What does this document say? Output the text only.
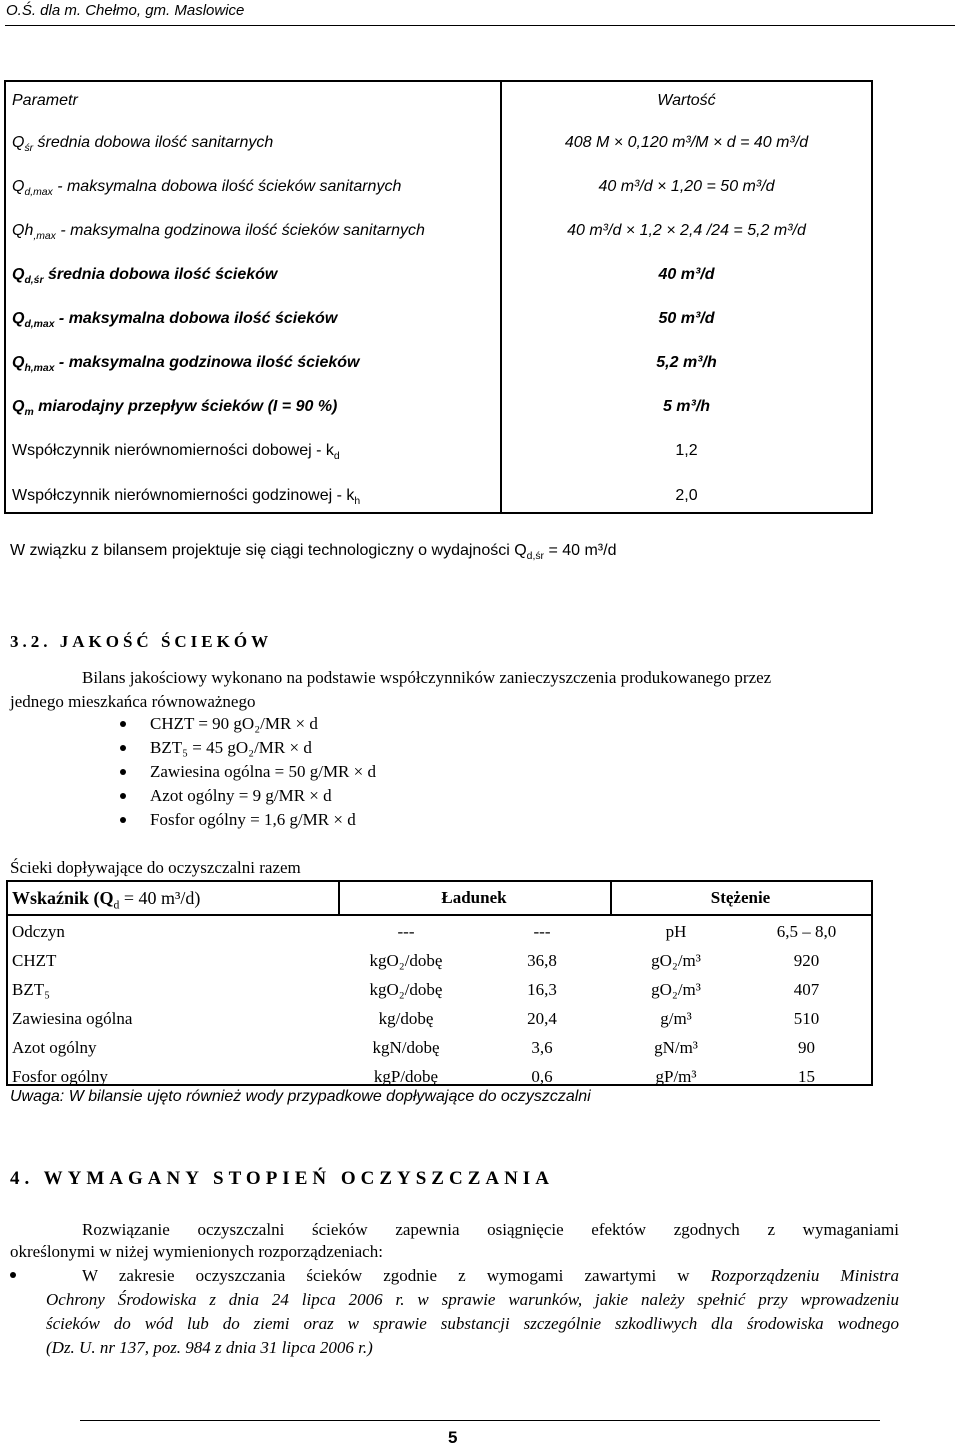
O.Ś. dla m. Chełmo, gm. Maslowice
Parametr	Wartość
$Q_{śr}$ średnia dobowa ilość sanitarnych	408 M × 0,120 m³/M × d = 40 m³/d
$Q_{d,max}$ - maksymalna dobowa ilość ścieków sanitarnych	40 m³/d × 1,20 = 50 m³/d
$Qh_{,max}$ - maksymalna godzinowa ilość ścieków sanitarnych	40 m³/d × 1,2 × 2,4 /24 = 5,2 m³/d
$Q_{d,śr}$ średnia dobowa ilość ścieków	40 m³/d
$Q_{d,max}$ - maksymalna dobowa ilość ścieków	50 m³/d
$Q_{h,max}$ - maksymalna godzinowa ilość ścieków	5,2 m³/h
$Q_m$ miarodajny przepływ ścieków (I = 90 %)	5 m³/h
Współczynnik nierównomierności dobowej - $k_d$	1,2
Współczynnik nierównomierności godzinowej - $k_h$	2,0
W związku z bilansem projektuje się ciągi technologiczny o wydajności $Q_{d,śr} = 40$ m³/d
3.2. JAKOŚĆ ŚCIEKÓW
Bilans jakościowy wykonano na podstawie współczynników zanieczyszczenia produkowanego przez
jednego mieszkańca równoważnego
CHZT = 90 gO₂/MR × d
BZT₅ = 45 gO₂/MR × d
Zawiesina ogólna = 50 g/MR × d
Azot ogólny = 9 g/MR × d
Fosfor ogólny = 1,6 g/MR × d
Ścieki dopływające do oczyszczalni razem
Wskaźnik ($Q_d = 40$ m³/d)	Ładunek	Stężenie
Odczyn	---	---	pH	6,5 – 8,0
CHZT	kgO₂/dobę	36,8	gO₂/m³	920
BZT₅	kgO₂/dobę	16,3	gO₂/m³	407
Zawiesina ogólna	kg/dobę	20,4	g/m³	510
Azot ogólny	kgN/dobę	3,6	gN/m³	90
Fosfor ogólny	kgP/dobę	0,6	gP/m³	15
Uwaga: W bilansie ujęto również wody przypadkowe dopływające do oczyszczalni
4. WYMAGANY STOPIEŃ OCZYSZCZANIA
Rozwiązanie oczyszczalni ścieków zapewnia osiągnięcie efektów zgodnych z wymaganiami
określonymi w niżej wymienionych rozporządzeniach:
W zakresie oczyszczania ścieków zgodnie z wymogami zawartymi w Rozporządzeniu Ministra
Ochrony Środowiska z dnia 24 lipca 2006 r. w sprawie warunków, jakie należy spełnić przy wprowadzeniu
ścieków do wód lub do ziemi oraz w sprawie substancji szczególnie szkodliwych dla środowiska wodnego
(Dz. U. nr 137, poz. 984 z dnia 31 lipca 2006 r.)
5
